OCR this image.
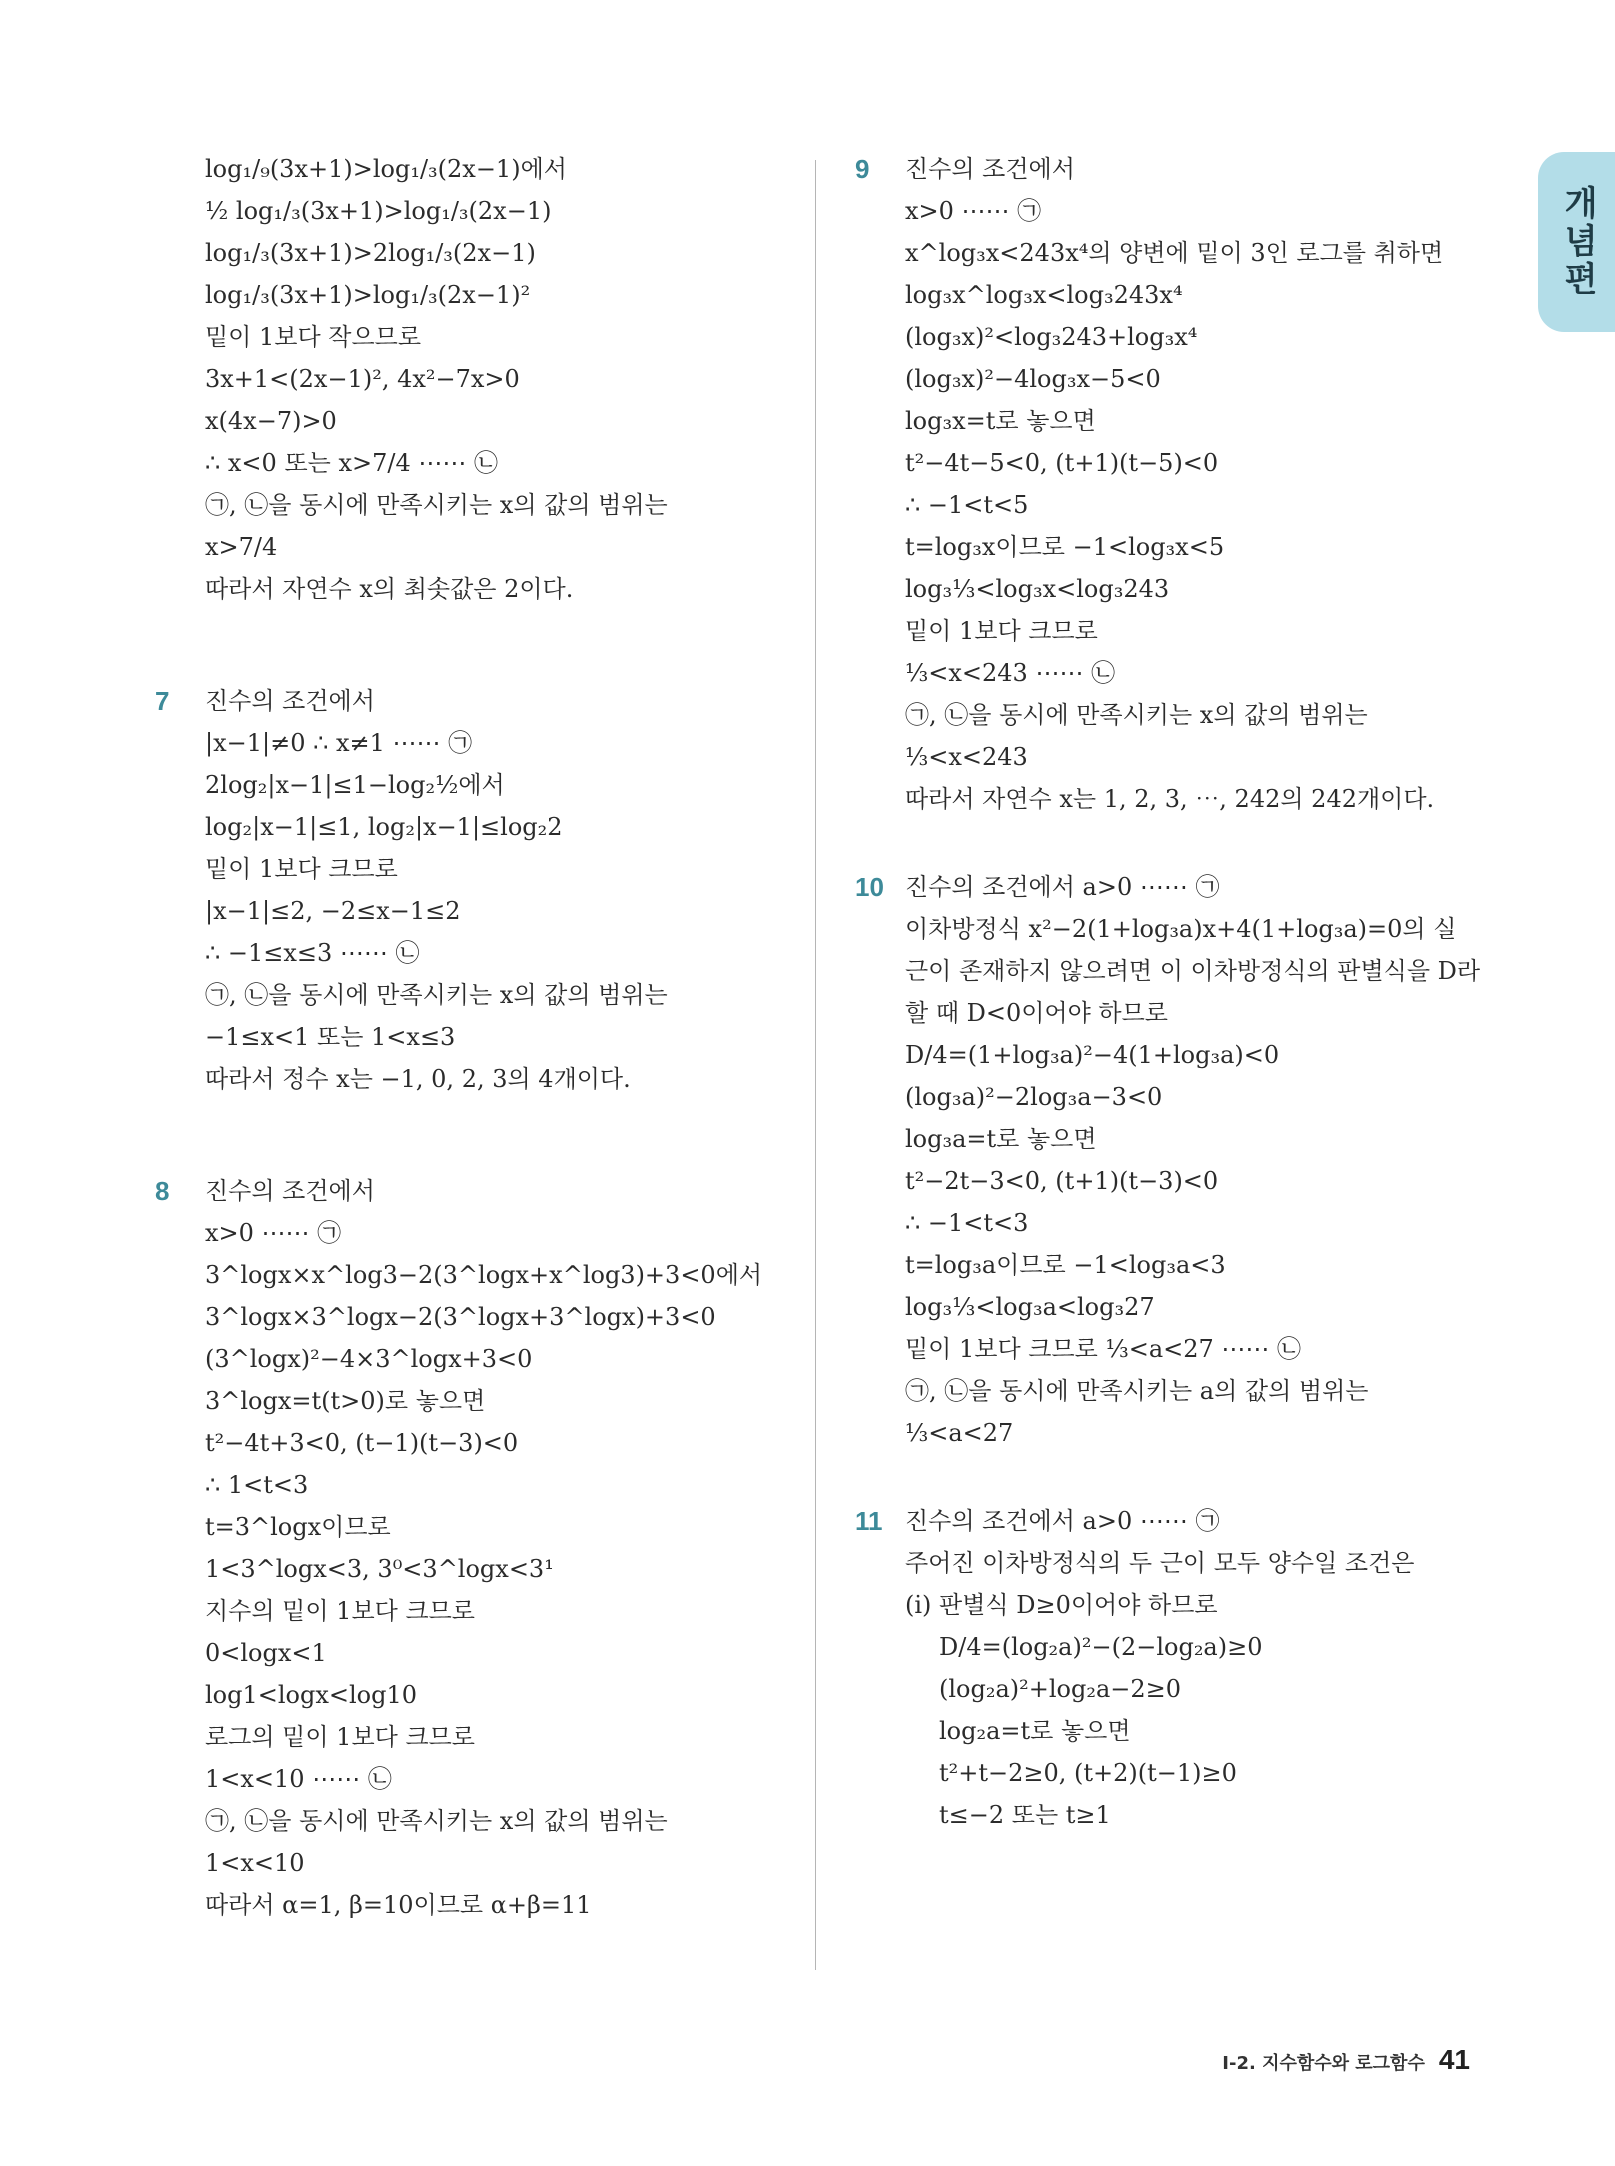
개념편
log₁/₉(3x+1)>log₁/₃(2x−1)에서
½ log₁/₃(3x+1)>log₁/₃(2x−1)
log₁/₃(3x+1)>2log₁/₃(2x−1)
log₁/₃(3x+1)>log₁/₃(2x−1)²
밑이 1보다 작으므로
3x+1<(2x−1)², 4x²−7x>0
x(4x−7)>0
∴ x<0 또는 x>7/4 ⋯⋯ ㉡
㉠, ㉡을 동시에 만족시키는 x의 값의 범위는
x>7/4
따라서 자연수 x의 최솟값은 2이다.
7 진수의 조건에서
|x−1|≠0 ∴ x≠1 ⋯⋯ ㉠
2log₂|x−1|≤1−log₂½에서
log₂|x−1|≤1, log₂|x−1|≤log₂2
밑이 1보다 크므로
|x−1|≤2, −2≤x−1≤2
∴ −1≤x≤3 ⋯⋯ ㉡
㉠, ㉡을 동시에 만족시키는 x의 값의 범위는
−1≤x<1 또는 1<x≤3
따라서 정수 x는 −1, 0, 2, 3의 4개이다.
8 진수의 조건에서
x>0 ⋯⋯ ㉠
3^logx×x^log3−2(3^logx+x^log3)+3<0에서
3^logx×3^logx−2(3^logx+3^logx)+3<0
(3^logx)²−4×3^logx+3<0
3^logx=t(t>0)로 놓으면
t²−4t+3<0, (t−1)(t−3)<0
∴ 1<t<3
t=3^logx이므로
1<3^logx<3, 3⁰<3^logx<3¹
지수의 밑이 1보다 크므로
0<logx<1
log1<logx<log10
로그의 밑이 1보다 크므로
1<x<10 ⋯⋯ ㉡
㉠, ㉡을 동시에 만족시키는 x의 값의 범위는
1<x<10
따라서 α=1, β=10이므로 α+β=11
9 진수의 조건에서
x>0 ⋯⋯ ㉠
x^log₃x<243x⁴의 양변에 밑이 3인 로그를 취하면
log₃x^log₃x<log₃243x⁴
(log₃x)²<log₃243+log₃x⁴
(log₃x)²−4log₃x−5<0
log₃x=t로 놓으면
t²−4t−5<0, (t+1)(t−5)<0
∴ −1<t<5
t=log₃x이므로 −1<log₃x<5
log₃⅓<log₃x<log₃243
밑이 1보다 크므로
⅓<x<243 ⋯⋯ ㉡
㉠, ㉡을 동시에 만족시키는 x의 값의 범위는
⅓<x<243
따라서 자연수 x는 1, 2, 3, ⋯, 242의 242개이다.
10 진수의 조건에서 a>0 ⋯⋯ ㉠
이차방정식 x²−2(1+log₃a)x+4(1+log₃a)=0의 실
근이 존재하지 않으려면 이 이차방정식의 판별식을 D라
할 때 D<0이어야 하므로
D/4=(1+log₃a)²−4(1+log₃a)<0
(log₃a)²−2log₃a−3<0
log₃a=t로 놓으면
t²−2t−3<0, (t+1)(t−3)<0
∴ −1<t<3
t=log₃a이므로 −1<log₃a<3
log₃⅓<log₃a<log₃27
밑이 1보다 크므로 ⅓<a<27 ⋯⋯ ㉡
㉠, ㉡을 동시에 만족시키는 a의 값의 범위는
⅓<a<27
11 진수의 조건에서 a>0 ⋯⋯ ㉠
주어진 이차방정식의 두 근이 모두 양수일 조건은
(ⅰ) 판별식 D≥0이어야 하므로
D/4=(log₂a)²−(2−log₂a)≥0
(log₂a)²+log₂a−2≥0
log₂a=t로 놓으면
t²+t−2≥0, (t+2)(t−1)≥0
t≤−2 또는 t≥1
Ⅰ-2. 지수함수와 로그함수 41
